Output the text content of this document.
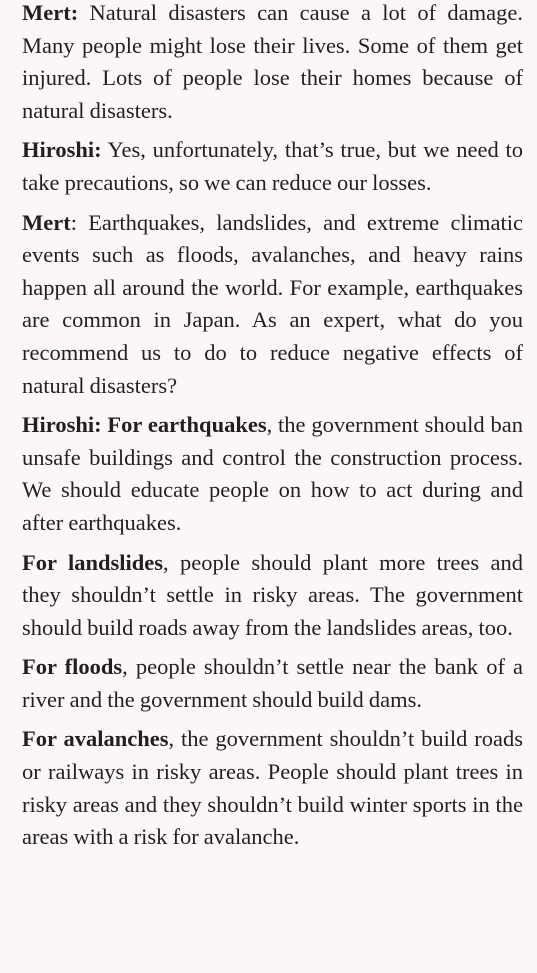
Mert: Natural disasters can cause a lot of damage. Many people might lose their lives. Some of them get injured. Lots of people lose their homes because of natural disasters.

Hiroshi: Yes, unfortunately, that’s true, but we need to take precautions, so we can reduce our losses.

Mert: Earthquakes, landslides, and extreme climatic events such as floods, avalanches, and heavy rains happen all around the world. For example, earthquakes are common in Japan. As an expert, what do you recommend us to do to reduce negative effects of natural disasters?

Hiroshi: For earthquakes, the government should ban unsafe buildings and control the construction process. We should educate people on how to act during and after earthquakes.

For landslides, people should plant more trees and they shouldn’t settle in risky areas. The government should build roads away from the landslides areas, too.

For floods, people shouldn’t settle near the bank of a river and the government should build dams.

For avalanches, the government shouldn’t build roads or railways in risky areas. People should plant trees in risky areas and they shouldn’t build winter sports in the areas with a risk for avalanche.
